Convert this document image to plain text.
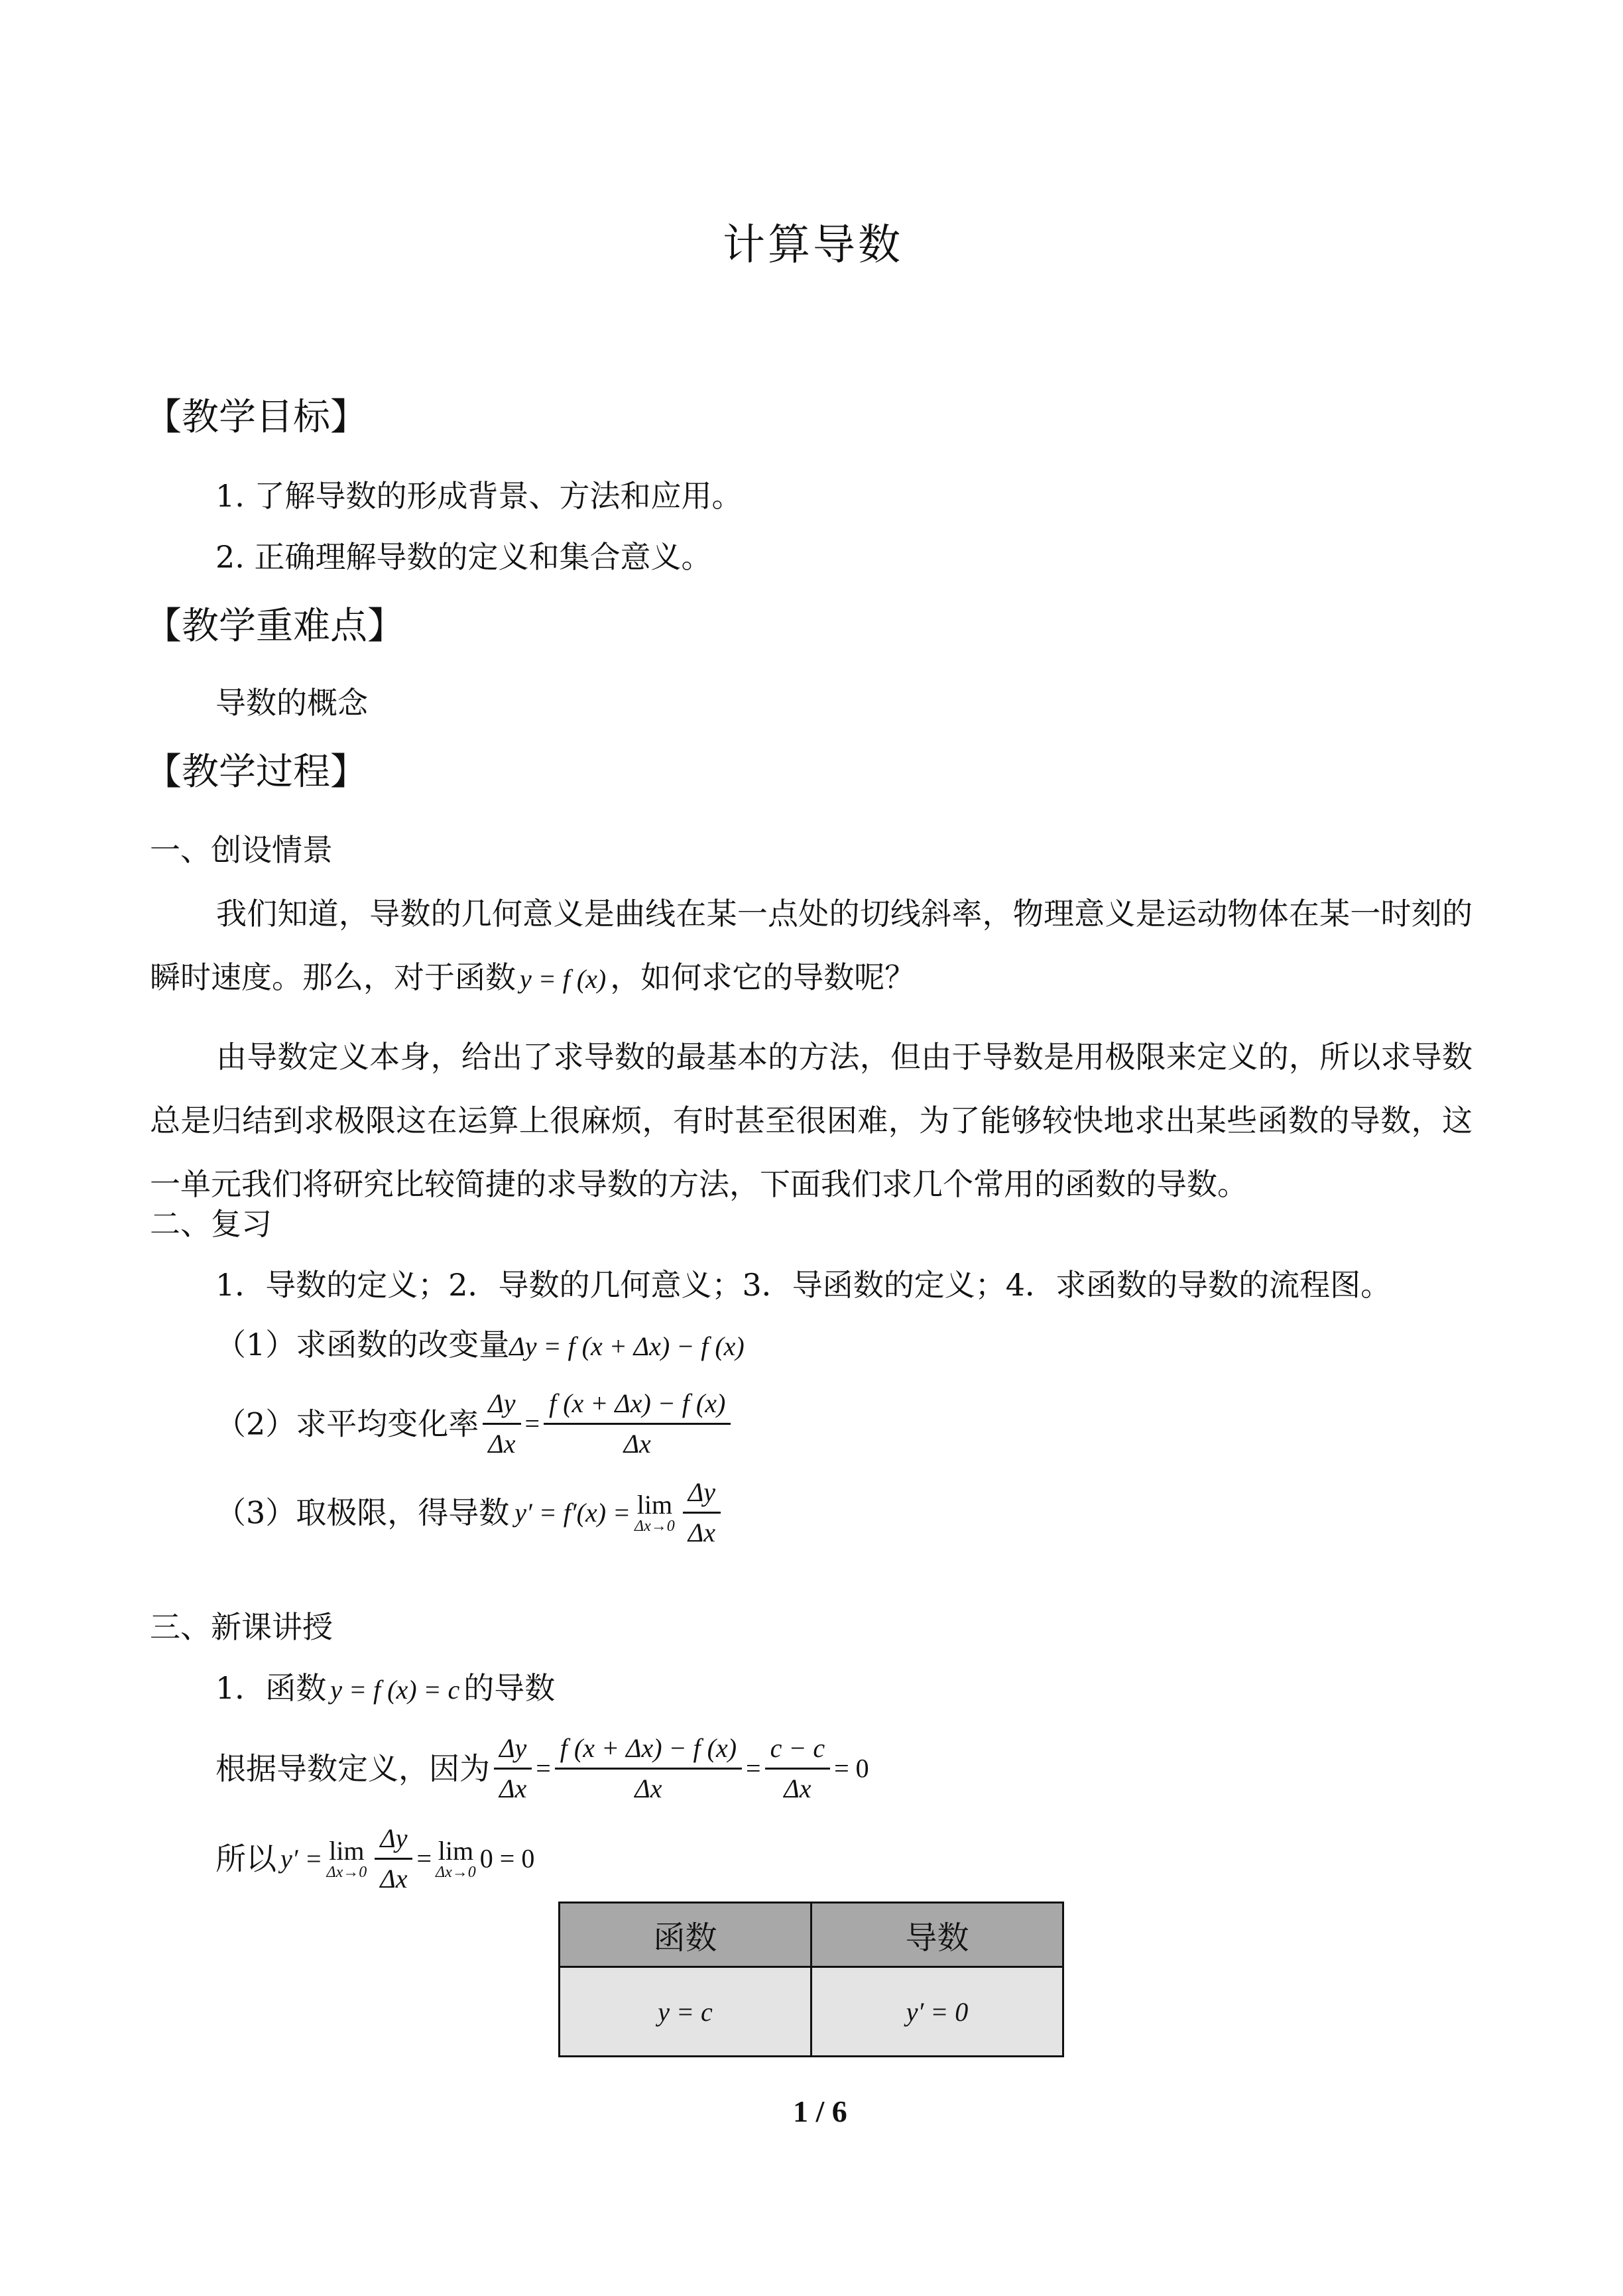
计算导数
【教学目标】
1. 了解导数的形成背景、方法和应用。
2. 正确理解导数的定义和集合意义。
【教学重难点】
导数的概念
【教学过程】
一、创设情景
我们知道，导数的几何意义是曲线在某一点处的切线斜率，物理意义是运动物体在某一时刻的瞬时速度。那么，对于函数 y = f (x) ，如何求它的导数呢？
由导数定义本身，给出了求导数的最基本的方法，但由于导数是用极限来定义的，所以求导数总是归结到求极限这在运算上很麻烦，有时甚至很困难，为了能够较快地求出某些函数的导数，这一单元我们将研究比较简捷的求导数的方法，下面我们求几个常用的函数的导数。
二、复习
1．导数的定义；2．导数的几何意义；3．导函数的定义；4．求函数的导数的流程图。
（1）求函数的改变量Δy = f (x + Δx) − f (x)
（2）求平均变化率 $\frac{\Delta y}{\Delta x} = \frac{f (x + \Delta x) - f (x)}{\Delta x}$
（3）取极限，得导数 y′ = f′(x) = lim
$\Delta x\to 0 \frac{\Delta y}{\Delta x}$
三、新课讲授
1．函数 y = f (x) = c 的导数
根据导数定义，因为 $\frac{\Delta y}{\Delta x} = \frac{f (x + \Delta x) - f (x)}{\Delta x} = \frac{c - c}{\Delta x} = 0$
所以 y′ = lim
$\Delta x\to 0 \frac{\Delta y}{\Delta x} = \lim$
Δx→0 0 = 0
函数	导数
y = c	y′ = 0
1 / 6
